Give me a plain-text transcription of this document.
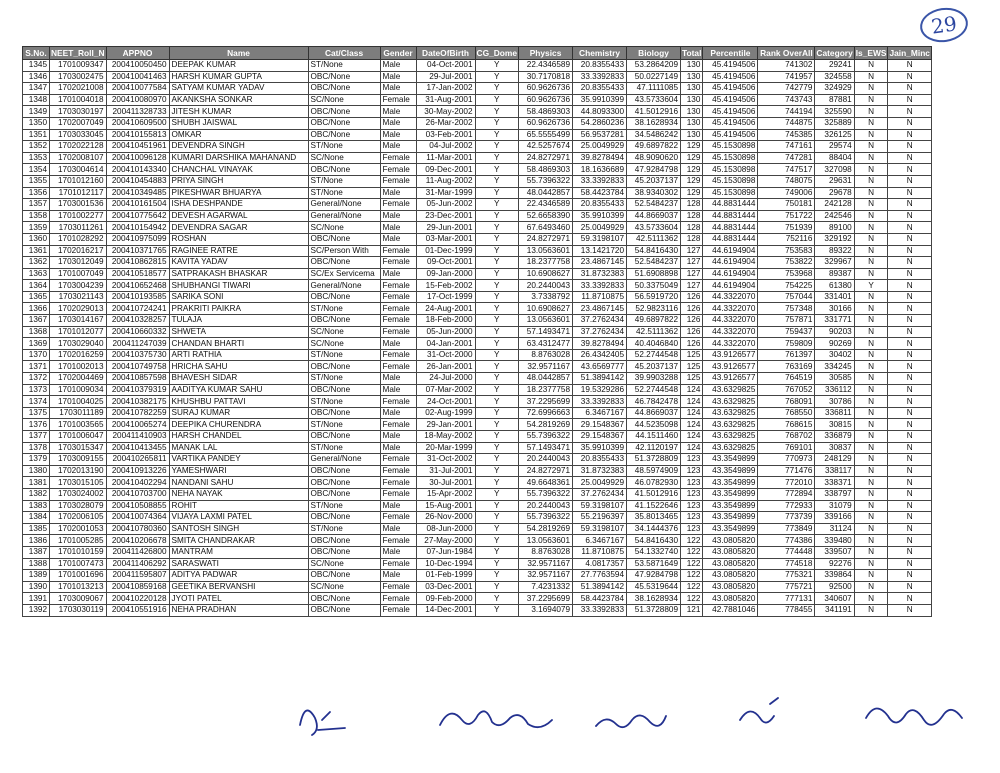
29
S.No.	NEET_Roll_N	APPNO	Name	Cat/Class	Gender	DateOfBirth	CG_Dome	Physics	Chemistry	Biology	Total	Percentile	Rank OverAll	Category	Is_EWS	Jain_Minc
1345	1701009347	200410050450	DEEPAK KUMAR	ST/None	Male	04-Oct-2001	Y	22.4346589	20.8355433	53.2864209	130	45.4194506	741302	29241	N	N
1346	1703002475	200410041463	HARSH KUMAR GUPTA	OBC/None	Male	29-Jul-2001	Y	30.7170818	33.3392833	50.0227149	130	45.4194506	741957	324558	N	N
1347	1702021008	200410077584	SATYAM KUMAR YADAV	OBC/None	Male	17-Jan-2002	Y	60.9626736	20.8355433	47.1111085	130	45.4194506	742779	324929	N	N
1348	1701004018	200410080970	AKANKSHA SONKAR	SC/None	Female	31-Aug-2001	Y	60.9626736	35.9910399	43.5733604	130	45.4194506	743743	87881	N	N
1349	1703030197	200411328733	JITESH KUMAR	OBC/None	Male	30-May-2002	Y	58.4869303	44.8093300	41.5012916	130	45.4194506	744194	325590	N	N
1350	1702007049	200410609500	SHUBH JAISWAL	OBC/None	Male	26-Mar-2002	Y	60.9626736	54.2860236	38.1628934	130	45.4194506	744875	325889	N	N
1351	1703033045	200410155813	OMKAR	OBC/None	Male	03-Feb-2001	Y	65.5555499	56.9537281	34.5486242	130	45.4194506	745385	326125	N	N
1352	1702022128	200410451961	DEVENDRA SINGH	ST/None	Male	04-Jul-2002	Y	42.5257674	25.0049929	49.6897822	129	45.1530898	747161	29574	N	N
1353	1702008107	200410096128	KUMARI DARSHIKA MAHANAND	SC/None	Female	11-Mar-2001	Y	24.8272971	39.8278494	48.9090620	129	45.1530898	747281	88404	N	N
1354	1703004614	200410143340	CHANCHAL VINAYAK	OBC/None	Female	09-Dec-2001	Y	58.4869303	18.1636689	47.9284798	129	45.1530898	747517	327098	N	N
1355	1701012160	200410454883	PRIYA SINGH	ST/None	Female	11-Aug-2002	Y	55.7396322	33.3392833	45.2037137	129	45.1530898	748075	29631	N	N
1356	1701012117	200410349485	PIKESHWAR BHUARYA	ST/None	Male	31-Mar-1999	Y	48.0442857	58.4423784	38.9340302	129	45.1530898	749006	29678	N	N
1357	1703001536	200410161504	ISHA DESHPANDE	General/None	Female	05-Jun-2002	Y	22.4346589	20.8355433	52.5484237	128	44.8831444	750181	242128	N	N
1358	1701002277	200410775642	DEVESH AGARWAL	General/None	Male	23-Dec-2001	Y	52.6658390	35.9910399	44.8669037	128	44.8831444	751722	242546	N	N
1359	1703011261	200410154942	DEVENDRA SAGAR	SC/None	Male	29-Jun-2001	Y	67.6493460	25.0049929	43.5733604	128	44.8831444	751939	89100	N	N
1360	1701028292	200410975099	ROSHAN	OBC/None	Male	03-Mar-2001	Y	24.8272971	59.3198107	42.5111362	128	44.8831444	752116	329192	N	N
1361	1702016217	200410371765	RAGINEE RATRE	SC/Person With	Female	01-Dec-1999	Y	13.0563601	13.1421720	54.8416430	127	44.6194904	753583	89322	N	N
1362	1703012049	200410862815	KAVITA YADAV	OBC/None	Female	09-Oct-2001	Y	18.2377758	23.4867145	52.5484237	127	44.6194904	753822	329967	N	N
1363	1701007049	200410518577	SATPRAKASH BHASKAR	SC/Ex Servicema	Male	09-Jan-2000	Y	10.6908627	31.8732383	51.6908898	127	44.6194904	753968	89387	N	N
1364	1703004239	200410652468	SHUBHANGI TIWARI	General/None	Female	15-Feb-2002	Y	20.2440043	33.3392833	50.3375049	127	44.6194904	754225	61380	Y	N
1365	1703021143	200410193585	SARIKA SONI	OBC/None	Female	17-Oct-1999	Y	3.7338792	11.8710875	56.5919720	126	44.3322070	757044	331401	N	N
1366	1702029013	200410724241	PRAKRITI PAIKRA	ST/None	Female	24-Aug-2001	Y	10.6908627	23.4867145	52.9823116	126	44.3322070	757348	30166	N	N
1367	1703014167	200410328257	TULAJA	OBC/None	Female	18-Feb-2000	Y	13.0563601	37.2762434	49.6897822	126	44.3322070	757871	331771	N	N
1368	1701012077	200410660332	SHWETA	SC/None	Female	05-Jun-2000	Y	57.1493471	37.2762434	42.5111362	126	44.3322070	759437	90203	N	N
1369	1703029040	200411247039	CHANDAN BHARTI	SC/None	Male	04-Jan-2001	Y	63.4312477	39.8278494	40.4046840	126	44.3322070	759809	90269	N	N
1370	1702016259	200410375730	ARTI RATHIA	ST/None	Female	31-Oct-2000	Y	8.8763028	26.4342405	52.2744548	125	43.9126577	761397	30402	N	N
1371	1701002013	200410749758	HRICHA SAHU	OBC/None	Female	26-Jan-2001	Y	32.9571167	43.6569777	45.2037137	125	43.9126577	763169	334245	N	N
1372	1702004469	200410857598	BHAVESH SIDAR	ST/None	Male	24-Jul-2000	Y	48.0442857	51.3894142	39.9903288	125	43.9126577	764519	30585	N	N
1373	1701009034	200410379319	AADITYA KUMAR SAHU	OBC/None	Male	07-Mar-2002	Y	18.2377758	19.5329286	52.2744548	124	43.6329825	767052	336112	N	N
1374	1701004025	200410382175	KHUSHBU PATTAVI	ST/None	Female	24-Oct-2001	Y	37.2295699	33.3392833	46.7842478	124	43.6329825	768091	30786	N	N
1375	1703011189	200410782259	SURAJ KUMAR	OBC/None	Male	02-Aug-1999	Y	72.6996663	6.3467167	44.8669037	124	43.6329825	768550	336811	N	N
1376	1701003565	200410065274	DEEPIKA CHURENDRA	ST/None	Female	29-Jan-2001	Y	54.2819269	29.1548367	44.5235098	124	43.6329825	768615	30815	N	N
1377	1701006047	200411410903	HARSH CHANDEL	OBC/None	Male	18-May-2002	Y	55.7396322	29.1548367	44.1511460	124	43.6329825	768702	336879	N	N
1378	1703015347	200410413455	MANAK LAL	ST/None	Male	20-Mar-1999	Y	57.1493471	35.9910399	42.1120197	124	43.6329825	769101	30837	N	N
1379	1703009155	200410265811	VARTIKA PANDEY	General/None	Female	31-Oct-2002	Y	20.2440043	20.8355433	51.3728809	123	43.3549899	770973	248129	N	N
1380	1702013190	200410913226	YAMESHWARI	OBC/None	Female	31-Jul-2001	Y	24.8272971	31.8732383	48.5974909	123	43.3549899	771476	338117	N	N
1381	1703015105	200410402294	NANDANI SAHU	OBC/None	Female	30-Jul-2001	Y	49.6648361	25.0049929	46.0782930	123	43.3549899	772010	338371	N	N
1382	1703024002	200410703700	NEHA NAYAK	OBC/None	Female	15-Apr-2002	Y	55.7396322	37.2762434	41.5012916	123	43.3549899	772894	338797	N	N
1383	1703028079	200410508855	ROHIT	ST/None	Male	15-Aug-2001	Y	20.2440043	59.3198107	41.1522646	123	43.3549899	772933	31079	N	N
1384	1702006105	200410074364	VIJAYA LAXMI PATEL	OBC/None	Female	26-Nov-2000	Y	55.7396322	55.2196397	35.8013465	123	43.3549899	773739	339166	N	N
1385	1702001053	200410780360	SANTOSH SINGH	ST/None	Male	08-Jun-2000	Y	54.2819269	59.3198107	34.1444376	123	43.3549899	773849	31124	N	N
1386	1701005285	200410206678	SMITA CHANDRAKAR	OBC/None	Female	27-May-2000	Y	13.0563601	6.3467167	54.8416430	122	43.0805820	774386	339480	N	N
1387	1701010159	200411426800	MANTRAM	OBC/None	Male	07-Jun-1984	Y	8.8763028	11.8710875	54.1332740	122	43.0805820	774448	339507	N	N
1388	1701007473	200411406292	SARASWATI	SC/None	Female	10-Dec-1994	Y	32.9571167	4.0817357	53.5871649	122	43.0805820	774518	92276	N	N
1389	1701001696	200411595807	ADITYA PADWAR	OBC/None	Male	01-Feb-1999	Y	32.9571167	27.7763594	47.9284798	122	43.0805820	775321	339864	N	N
1390	1701013213	200410859168	GEETIKA BERVANSHI	SC/None	Female	03-Dec-2001	Y	7.4231332	51.3894142	45.5319644	122	43.0805820	775721	92500	N	N
1391	1703009067	200410220128	JYOTI PATEL	OBC/None	Female	09-Feb-2000	Y	37.2295699	58.4423784	38.1628934	122	43.0805820	777131	340607	N	N
1392	1703030119	200410551916	NEHA PRADHAN	OBC/None	Female	14-Dec-2001	Y	3.1694079	33.3392833	51.3728809	121	42.7881046	778455	341191	N	N
